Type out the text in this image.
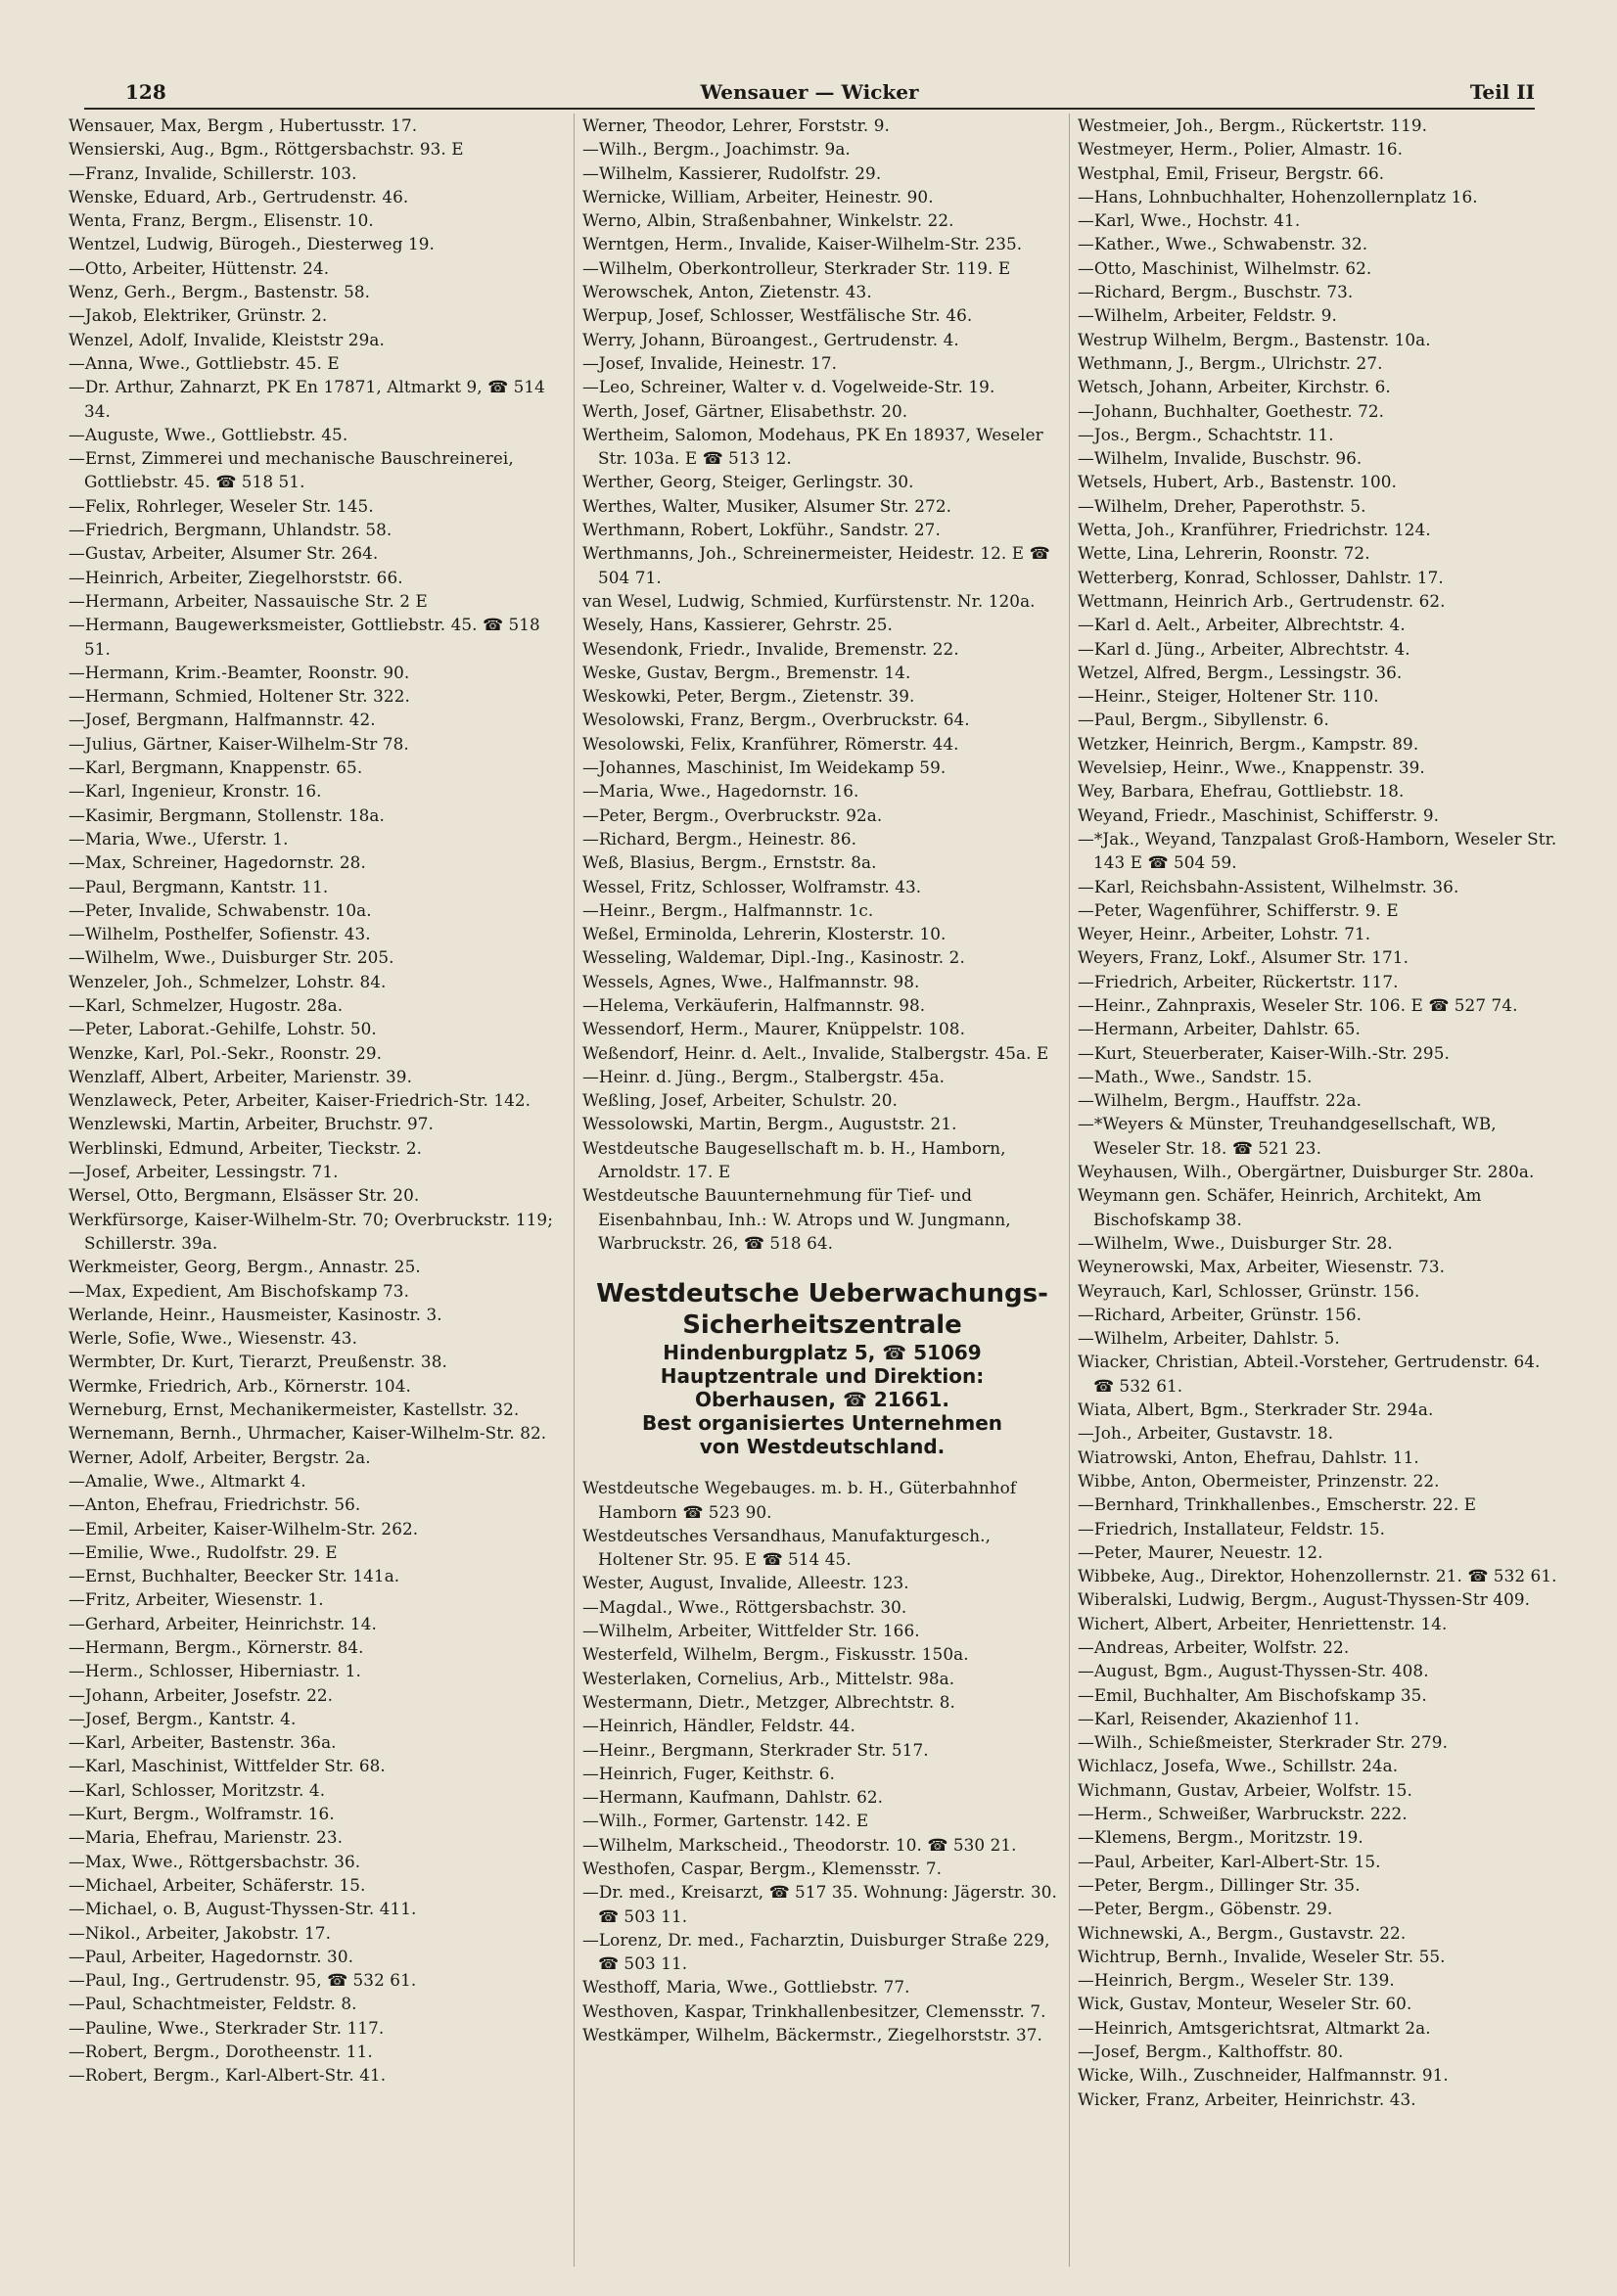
128	Wensauer — Wicker	Teil II
Wensauer, Max, Bergm , Hubertusstr. 17.
Wensierski, Aug., Bgm., Röttgersbachstr. 93. E
—Franz, Invalide, Schillerstr. 103.
Wenske, Eduard, Arb., Gertrudenstr. 46.
Wenta, Franz, Bergm., Elisenstr. 10.
Wentzel, Ludwig, Bürogeh., Diesterweg 19.
—Otto, Arbeiter, Hüttenstr. 24.
Wenz, Gerh., Bergm., Bastenstr. 58.
—Jakob, Elektriker, Grünstr. 2.
Wenzel, Adolf, Invalide, Kleiststr 29a.
—Anna, Wwe., Gottliebstr. 45. E
—Dr. Arthur, Zahnarzt, PK En 17871, Altmarkt 9, ☎ 514 34.
—Auguste, Wwe., Gottliebstr. 45.
—Ernst, Zimmerei und mechanische Bauschreinerei, Gottliebstr. 45. ☎ 518 51.
—Felix, Rohrleger, Weseler Str. 145.
—Friedrich, Bergmann, Uhlandstr. 58.
—Gustav, Arbeiter, Alsumer Str. 264.
—Heinrich, Arbeiter, Ziegelhorststr. 66.
—Hermann, Arbeiter, Nassauische Str. 2 E
—Hermann, Baugewerksmeister, Gottliebstr. 45. ☎ 518 51.
—Hermann, Krim.-Beamter, Roonstr. 90.
—Hermann, Schmied, Holtener Str. 322.
—Josef, Bergmann, Halfmannstr. 42.
—Julius, Gärtner, Kaiser-Wilhelm-Str 78.
—Karl, Bergmann, Knappenstr. 65.
—Karl, Ingenieur, Kronstr. 16.
—Kasimir, Bergmann, Stollenstr. 18a.
—Maria, Wwe., Uferstr. 1.
—Max, Schreiner, Hagedornstr. 28.
—Paul, Bergmann, Kantstr. 11.
—Peter, Invalide, Schwabenstr. 10a.
—Wilhelm, Posthelfer, Sofienstr. 43.
—Wilhelm, Wwe., Duisburger Str. 205.
Wenzeler, Joh., Schmelzer, Lohstr. 84.
—Karl, Schmelzer, Hugostr. 28a.
—Peter, Laborat.-Gehilfe, Lohstr. 50.
Wenzke, Karl, Pol.-Sekr., Roonstr. 29.
Wenzlaff, Albert, Arbeiter, Marienstr. 39.
Wenzlaweck, Peter, Arbeiter, Kaiser-Friedrich-Str. 142.
Wenzlewski, Martin, Arbeiter, Bruchstr. 97.
Werblinski, Edmund, Arbeiter, Tieckstr. 2.
—Josef, Arbeiter, Lessingstr. 71.
Wersel, Otto, Bergmann, Elsässer Str. 20.
Werkfürsorge, Kaiser-Wilhelm-Str. 70; Overbruckstr. 119; Schillerstr. 39a.
Werkmeister, Georg, Bergm., Annastr. 25.
—Max, Expedient, Am Bischofskamp 73.
Werlande, Heinr., Hausmeister, Kasinostr. 3.
Werle, Sofie, Wwe., Wiesenstr. 43.
Wermbter, Dr. Kurt, Tierarzt, Preußenstr. 38.
Wermke, Friedrich, Arb., Körnerstr. 104.
Werneburg, Ernst, Mechanikermeister, Kastellstr. 32.
Wernemann, Bernh., Uhrmacher, Kaiser-Wilhelm-Str. 82.
Werner, Adolf, Arbeiter, Bergstr. 2a.
—Amalie, Wwe., Altmarkt 4.
—Anton, Ehefrau, Friedrichstr. 56.
—Emil, Arbeiter, Kaiser-Wilhelm-Str. 262.
—Emilie, Wwe., Rudolfstr. 29. E
—Ernst, Buchhalter, Beecker Str. 141a.
—Fritz, Arbeiter, Wiesenstr. 1.
—Gerhard, Arbeiter, Heinrichstr. 14.
—Hermann, Bergm., Körnerstr. 84.
—Herm., Schlosser, Hiberniastr. 1.
—Johann, Arbeiter, Josefstr. 22.
—Josef, Bergm., Kantstr. 4.
—Karl, Arbeiter, Bastenstr. 36a.
—Karl, Maschinist, Wittfelder Str. 68.
—Karl, Schlosser, Moritzstr. 4.
—Kurt, Bergm., Wolframstr. 16.
—Maria, Ehefrau, Marienstr. 23.
—Max, Wwe., Röttgersbachstr. 36.
—Michael, Arbeiter, Schäferstr. 15.
—Michael, o. B, August-Thyssen-Str. 411.
—Nikol., Arbeiter, Jakobstr. 17.
—Paul, Arbeiter, Hagedornstr. 30.
—Paul, Ing., Gertrudenstr. 95, ☎ 532 61.
—Paul, Schachtmeister, Feldstr. 8.
—Pauline, Wwe., Sterkrader Str. 117.
—Robert, Bergm., Dorotheenstr. 11.
—Robert, Bergm., Karl-Albert-Str. 41.
Werner, Theodor, Lehrer, Forststr. 9.
—Wilh., Bergm., Joachimstr. 9a.
—Wilhelm, Kassierer, Rudolfstr. 29.
Wernicke, William, Arbeiter, Heinestr. 90.
Werno, Albin, Straßenbahner, Winkelstr. 22.
Werntgen, Herm., Invalide, Kaiser-Wilhelm-Str. 235.
—Wilhelm, Oberkontrolleur, Sterkrader Str. 119. E
Werowschek, Anton, Zietenstr. 43.
Werpup, Josef, Schlosser, Westfälische Str. 46.
Werry, Johann, Büroangest., Gertrudenstr. 4.
—Josef, Invalide, Heinestr. 17.
—Leo, Schreiner, Walter v. d. Vogelweide-Str. 19.
Werth, Josef, Gärtner, Elisabethstr. 20.
Wertheim, Salomon, Modehaus, PK En 18937, Weseler Str. 103a. E ☎ 513 12.
Werther, Georg, Steiger, Gerlingstr. 30.
Werthes, Walter, Musiker, Alsumer Str. 272.
Werthmann, Robert, Lokführ., Sandstr. 27.
Werthmanns, Joh., Schreinermeister, Heidestr. 12. E ☎ 504 71.
van Wesel, Ludwig, Schmied, Kurfürstenstr. Nr. 120a.
Wesely, Hans, Kassierer, Gehrstr. 25.
Wesendonk, Friedr., Invalide, Bremenstr. 22.
Weske, Gustav, Bergm., Bremenstr. 14.
Weskowki, Peter, Bergm., Zietenstr. 39.
Wesolowski, Franz, Bergm., Overbruckstr. 64.
Wesolowski, Felix, Kranführer, Römerstr. 44.
—Johannes, Maschinist, Im Weidekamp 59.
—Maria, Wwe., Hagedornstr. 16.
—Peter, Bergm., Overbruckstr. 92a.
—Richard, Bergm., Heinestr. 86.
Weß, Blasius, Bergm., Ernststr. 8a.
Wessel, Fritz, Schlosser, Wolframstr. 43.
—Heinr., Bergm., Halfmannstr. 1c.
Weßel, Erminolda, Lehrerin, Klosterstr. 10.
Wesseling, Waldemar, Dipl.-Ing., Kasinostr. 2.
Wessels, Agnes, Wwe., Halfmannstr. 98.
—Helema, Verkäuferin, Halfmannstr. 98.
Wessendorf, Herm., Maurer, Knüppelstr. 108.
Weßendorf, Heinr. d. Aelt., Invalide, Stalbergstr. 45a. E
—Heinr. d. Jüng., Bergm., Stalbergstr. 45a.
Weßling, Josef, Arbeiter, Schulstr. 20.
Wessolowski, Martin, Bergm., Auguststr. 21.
Westdeutsche Baugesellschaft m. b. H., Hamborn, Arnoldstr. 17. E
Westdeutsche Bauunternehmung für Tief- und Eisenbahnbau, Inh.: W. Atrops und W. Jungmann, Warbruckstr. 26, ☎ 518 64.
Westdeutsche Ueberwachungs-
Sicherheitszentrale
Hindenburgplatz 5, ☎ 51069
Hauptzentrale und Direktion:
Oberhausen, ☎ 21661.
Best organisiertes Unternehmen
von Westdeutschland.
Westdeutsche Wegebauges. m. b. H., Güterbahnhof Hamborn ☎ 523 90.
Westdeutsches Versandhaus, Manufakturgesch., Holtener Str. 95. E ☎ 514 45.
Wester, August, Invalide, Alleestr. 123.
—Magdal., Wwe., Röttgersbachstr. 30.
—Wilhelm, Arbeiter, Wittfelder Str. 166.
Westerfeld, Wilhelm, Bergm., Fiskusstr. 150a.
Westerlaken, Cornelius, Arb., Mittelstr. 98a.
Westermann, Dietr., Metzger, Albrechtstr. 8.
—Heinrich, Händler, Feldstr. 44.
—Heinr., Bergmann, Sterkrader Str. 517.
—Heinrich, Fuger, Keithstr. 6.
—Hermann, Kaufmann, Dahlstr. 62.
—Wilh., Former, Gartenstr. 142. E
—Wilhelm, Markscheid., Theodorstr. 10. ☎ 530 21.
Westhofen, Caspar, Bergm., Klemensstr. 7.
—Dr. med., Kreisarzt, ☎ 517 35. Wohnung: Jägerstr. 30. ☎ 503 11.
—Lorenz, Dr. med., Facharztin, Duisburger Straße 229, ☎ 503 11.
Westhoff, Maria, Wwe., Gottliebstr. 77.
Westhoven, Kaspar, Trinkhallenbesitzer, Clemensstr. 7.
Westkämper, Wilhelm, Bäckermstr., Ziegelhorststr. 37.
Westmeier, Joh., Bergm., Rückertstr. 119.
Westmeyer, Herm., Polier, Almastr. 16.
Westphal, Emil, Friseur, Bergstr. 66.
—Hans, Lohnbuchhalter, Hohenzollernplatz 16.
—Karl, Wwe., Hochstr. 41.
—Kather., Wwe., Schwabenstr. 32.
—Otto, Maschinist, Wilhelmstr. 62.
—Richard, Bergm., Buschstr. 73.
—Wilhelm, Arbeiter, Feldstr. 9.
Westrup Wilhelm, Bergm., Bastenstr. 10a.
Wethmann, J., Bergm., Ulrichstr. 27.
Wetsch, Johann, Arbeiter, Kirchstr. 6.
—Johann, Buchhalter, Goethestr. 72.
—Jos., Bergm., Schachtstr. 11.
—Wilhelm, Invalide, Buschstr. 96.
Wetsels, Hubert, Arb., Bastenstr. 100.
—Wilhelm, Dreher, Paperothstr. 5.
Wetta, Joh., Kranführer, Friedrichstr. 124.
Wette, Lina, Lehrerin, Roonstr. 72.
Wetterberg, Konrad, Schlosser, Dahlstr. 17.
Wettmann, Heinrich Arb., Gertrudenstr. 62.
—Karl d. Aelt., Arbeiter, Albrechtstr. 4.
—Karl d. Jüng., Arbeiter, Albrechtstr. 4.
Wetzel, Alfred, Bergm., Lessingstr. 36.
—Heinr., Steiger, Holtener Str. 110.
—Paul, Bergm., Sibyllenstr. 6.
Wetzker, Heinrich, Bergm., Kampstr. 89.
Wevelsiep, Heinr., Wwe., Knappenstr. 39.
Wey, Barbara, Ehefrau, Gottliebstr. 18.
Weyand, Friedr., Maschinist, Schifferstr. 9.
—*Jak., Weyand, Tanzpalast Groß-Hamborn, Weseler Str. 143 E ☎ 504 59.
—Karl, Reichsbahn-Assistent, Wilhelmstr. 36.
—Peter, Wagenführer, Schifferstr. 9. E
Weyer, Heinr., Arbeiter, Lohstr. 71.
Weyers, Franz, Lokf., Alsumer Str. 171.
—Friedrich, Arbeiter, Rückertstr. 117.
—Heinr., Zahnpraxis, Weseler Str. 106. E ☎ 527 74.
—Hermann, Arbeiter, Dahlstr. 65.
—Kurt, Steuerberater, Kaiser-Wilh.-Str. 295.
—Math., Wwe., Sandstr. 15.
—Wilhelm, Bergm., Hauffstr. 22a.
—*Weyers & Münster, Treuhandgesellschaft, WB, Weseler Str. 18. ☎ 521 23.
Weyhausen, Wilh., Obergärtner, Duisburger Str. 280a.
Weymann gen. Schäfer, Heinrich, Architekt, Am Bischofskamp 38.
—Wilhelm, Wwe., Duisburger Str. 28.
Weynerowski, Max, Arbeiter, Wiesenstr. 73.
Weyrauch, Karl, Schlosser, Grünstr. 156.
—Richard, Arbeiter, Grünstr. 156.
—Wilhelm, Arbeiter, Dahlstr. 5.
Wiacker, Christian, Abteil.-Vorsteher, Gertrudenstr. 64. ☎ 532 61.
Wiata, Albert, Bgm., Sterkrader Str. 294a.
—Joh., Arbeiter, Gustavstr. 18.
Wiatrowski, Anton, Ehefrau, Dahlstr. 11.
Wibbe, Anton, Obermeister, Prinzenstr. 22.
—Bernhard, Trinkhallenbes., Emscherstr. 22. E
—Friedrich, Installateur, Feldstr. 15.
—Peter, Maurer, Neuestr. 12.
Wibbeke, Aug., Direktor, Hohenzollernstr. 21. ☎ 532 61.
Wiberalski, Ludwig, Bergm., August-Thyssen-Str 409.
Wichert, Albert, Arbeiter, Henriettenstr. 14.
—Andreas, Arbeiter, Wolfstr. 22.
—August, Bgm., August-Thyssen-Str. 408.
—Emil, Buchhalter, Am Bischofskamp 35.
—Karl, Reisender, Akazienhof 11.
—Wilh., Schießmeister, Sterkrader Str. 279.
Wichlacz, Josefa, Wwe., Schillstr. 24a.
Wichmann, Gustav, Arbeier, Wolfstr. 15.
—Herm., Schweißer, Warbruckstr. 222.
—Klemens, Bergm., Moritzstr. 19.
—Paul, Arbeiter, Karl-Albert-Str. 15.
—Peter, Bergm., Dillinger Str. 35.
—Peter, Bergm., Göbenstr. 29.
Wichnewski, A., Bergm., Gustavstr. 22.
Wichtrup, Bernh., Invalide, Weseler Str. 55.
—Heinrich, Bergm., Weseler Str. 139.
Wick, Gustav, Monteur, Weseler Str. 60.
—Heinrich, Amtsgerichtsrat, Altmarkt 2a.
—Josef, Bergm., Kalthoffstr. 80.
Wicke, Wilh., Zuschneider, Halfmannstr. 91.
Wicker, Franz, Arbeiter, Heinrichstr. 43.
